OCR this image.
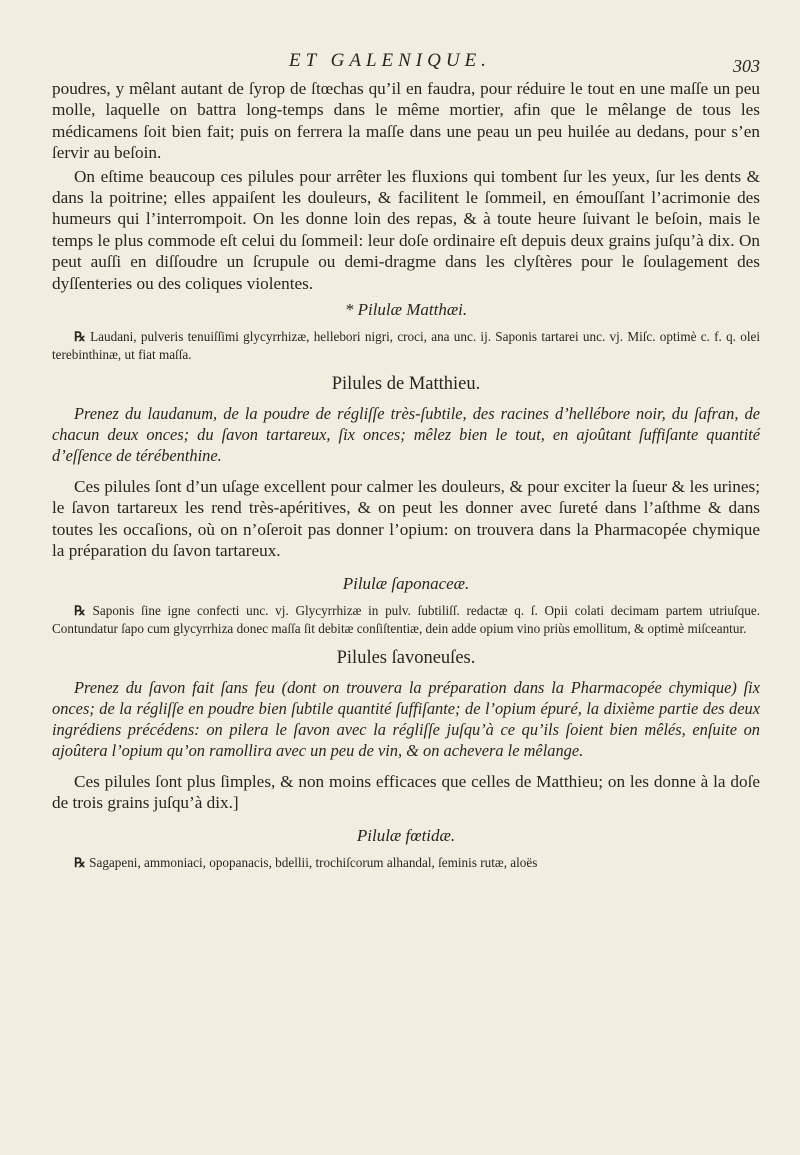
ET GALENIQUE.	303

poudres, y mêlant autant de ſyrop de ſtœchas qu’il en faudra, pour réduire le tout en une maſſe un peu molle, laquelle on battra long-temps dans le même mortier, afin que le mêlange de tous les médicamens ſoit bien fait; puis on ferrera la maſſe dans une peau un peu huilée au dedans, pour s’en ſervir au beſoin.

On eſtime beaucoup ces pilules pour arrêter les fluxions qui tombent ſur les yeux, ſur les dents & dans la poitrine; elles appaiſent les douleurs, & facilitent le ſommeil, en émouſſant l’acrimonie des humeurs qui l’interrompoit. On les donne loin des repas, & à toute heure ſuivant le beſoin, mais le temps le plus commode eſt celui du ſommeil: leur doſe ordinaire eſt depuis deux grains juſqu’à dix. On peut auſſi en diſſoudre un ſcrupule ou demi-dragme dans les clyſtères pour le ſoulagement des dyſſenteries ou des coliques violentes.

* Pilulæ Matthæi.

℞ Laudani, pulveris tenuiſſimi glycyrrhizæ, hellebori nigri, croci, ana unc. ij. Saponis tartarei unc. vj. Miſc. optimè c. f. q. olei terebinthinæ, ut fiat maſſa.

Pilules de Matthieu.

Prenez du laudanum, de la poudre de régliſſe très-ſubtile, des racines d’hellébore noir, du ſafran, de chacun deux onces; du ſavon tartareux, ſix onces; mêlez bien le tout, en ajoûtant ſuffiſante quantité d’eſſence de térébenthine.

Ces pilules ſont d’un uſage excellent pour calmer les douleurs, & pour exciter la ſueur & les urines; le ſavon tartareux les rend très-apéritives, & on peut les donner avec ſureté dans l’aſthme & dans toutes les occaſions, où on n’oſeroit pas donner l’opium: on trouvera dans la Pharmacopée chymique la préparation du ſavon tartareux.

Pilulæ ſaponaceæ.

℞ Saponis ſine igne confecti unc. vj. Glycyrrhizæ in pulv. ſubtiliſſ. redactæ q. ſ. Opii colati decimam partem utriuſque. Contundatur ſapo cum glycyrrhiza donec maſſa ſit debitæ conſiſtentiæ, dein adde opium vino priùs emollitum, & optimè miſceantur.

Pilules ſavoneuſes.

Prenez du ſavon fait ſans feu (dont on trouvera la préparation dans la Pharmacopée chymique) ſix onces; de la régliſſe en poudre bien ſubtile quantité ſuffiſante; de l’opium épuré, la dixième partie des deux ingrédiens précédens: on pilera le ſavon avec la régliſſe juſqu’à ce qu’ils ſoient bien mêlés, enſuite on ajoûtera l’opium qu’on ramollira avec un peu de vin, & on achevera le mêlange.

Ces pilules ſont plus ſimples, & non moins efficaces que celles de Matthieu; on les donne à la doſe de trois grains juſqu’à dix.]

Pilulæ fœtidæ.

℞ Sagapeni, ammoniaci, opopanacis, bdellii, trochiſcorum alhandal, ſeminis rutæ, aloës
